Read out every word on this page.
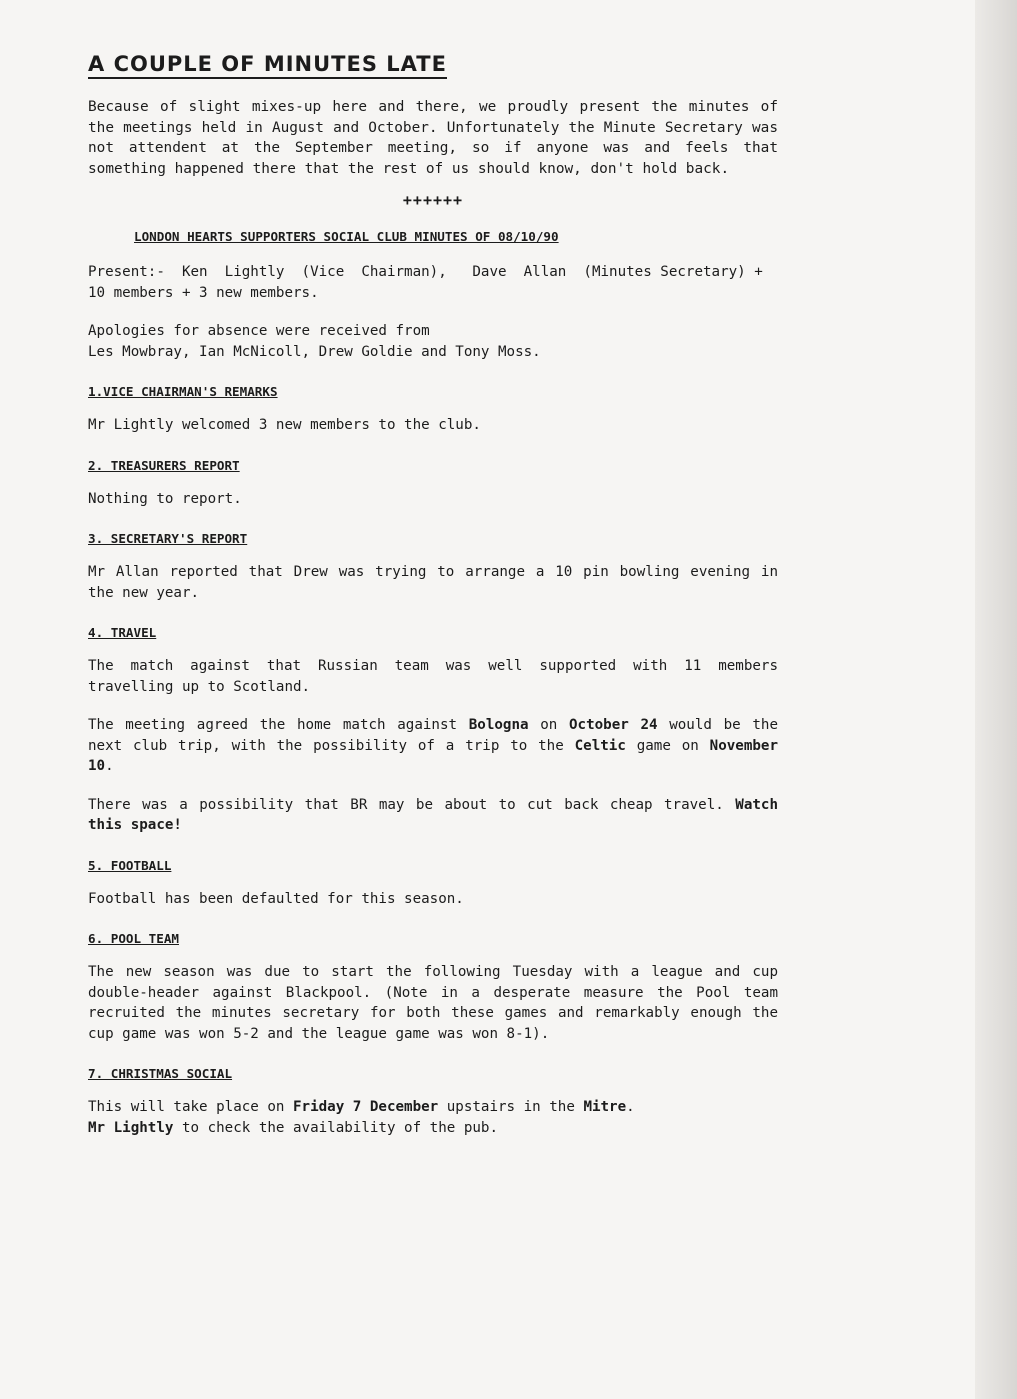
A COUPLE OF MINUTES LATE

Because of slight mixes-up here and there, we proudly present the minutes of the meetings held in August and October. Unfortunately the Minute Secretary was not attendent at the September meeting, so if anyone was and feels that something happened there that the rest of us should know, don't hold back.

++++++
LONDON HEARTS SUPPORTERS SOCIAL CLUB MINUTES OF 08/10/90

Present:-  Ken  Lightly  (Vice  Chairman),   Dave  Allan  (Minutes Secretary) + 10 members + 3 new members.

Apologies for absence were received from
Les Mowbray, Ian McNicoll, Drew Goldie and Tony Moss.

1.VICE CHAIRMAN'S REMARKS

Mr Lightly welcomed 3 new members to the club.

2. TREASURERS REPORT

Nothing to report.

3. SECRETARY'S REPORT

Mr Allan reported that Drew was trying to arrange a 10 pin bowling evening in the new year.

4. TRAVEL

The match against that Russian team was well supported with 11 members travelling up to Scotland.

The meeting agreed the home match against Bologna on October 24 would be the next club trip, with the possibility of a trip to the Celtic game on November 10.

There was a possibility that BR may be about to cut back cheap travel. Watch this space!

5. FOOTBALL

Football has been defaulted for this season.

6. POOL TEAM

The new season was due to start the following Tuesday with a league and cup double-header against Blackpool. (Note in a desperate measure the Pool team recruited the minutes secretary for both these games and remarkably enough the cup game was won 5-2 and the league game was won 8-1).

7. CHRISTMAS SOCIAL

This will take place on Friday 7 December upstairs in the Mitre.
Mr Lightly to check the availability of the pub.
